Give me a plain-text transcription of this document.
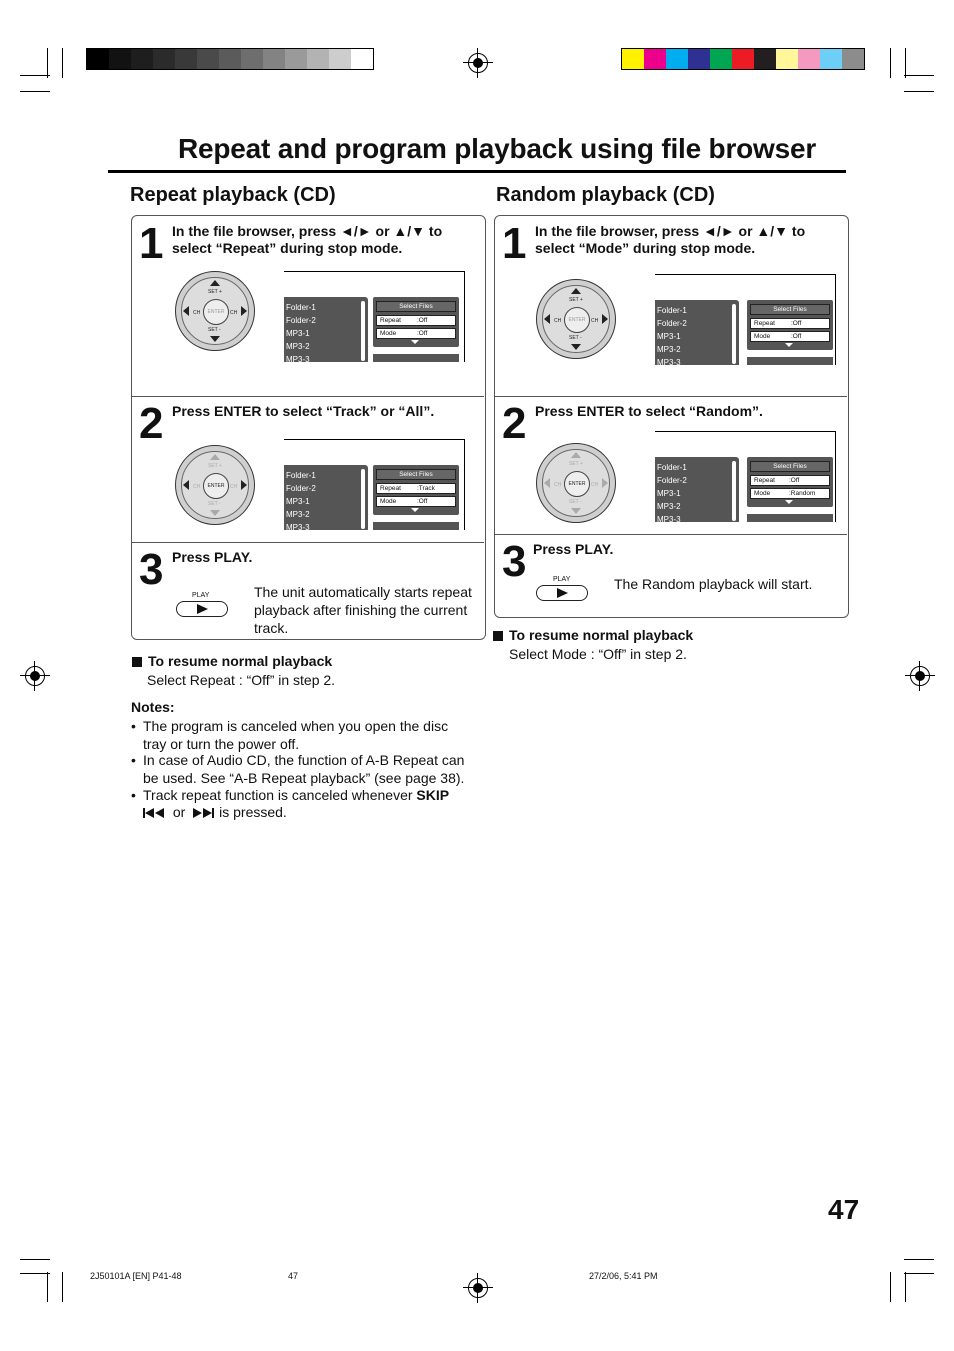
Repeat and program playback using file browser
Repeat playback (CD)
1 In the file browser, press ◄/► or ▲/▼ to select “Repeat” during stop mode.
SET +
SET -
CH	CH
ENTER	Folder-1
Folder-2
MP3-1
MP3-2
MP3-3
Select Files
Repeat :Off
Mode	:Off
2 Press ENTER to select “Track” or “All”.
SET +
SET -
CH	CH
ENTER
Folder-1
Folder-2
MP3-1
MP3-2
MP3-3
Select Files
Repeat :Track
Mode	:Off
3 Press PLAY.
PLAY	The unit automatically starts repeat playback after finishing the current track.
To resume normal playback
Select Repeat : “Off” in step 2.
Notes:
• The program is canceled when you open the disc tray or turn the power off.
• In case of Audio CD, the function of A-B Repeat can be used. See “A-B Repeat playback” (see page 38).
• Track repeat function is canceled whenever SKIP
or is pressed.
Random playback (CD)
1 In the file browser, press ◄/► or ▲/▼ to select “Mode” during stop mode.
SET +
SET -
CH	CH
ENTER
Folder-1
Folder-2
MP3-1
MP3-2
MP3-3
Select Files
Repeat :Off
Mode	:Off
2 Press ENTER to select “Random”.
SET +
SET -
CH	CH
ENTER
Folder-1
Folder-2
MP3-1
MP3-2
MP3-3
Select Files
Repeat :Off
Mode	:Random
3 Press PLAY.
PLAY	The Random playback will start.
To resume normal playback
Select Mode : “Off” in step 2.
47
2J50101A [EN] P41-48	47	27/2/06, 5:41 PM
